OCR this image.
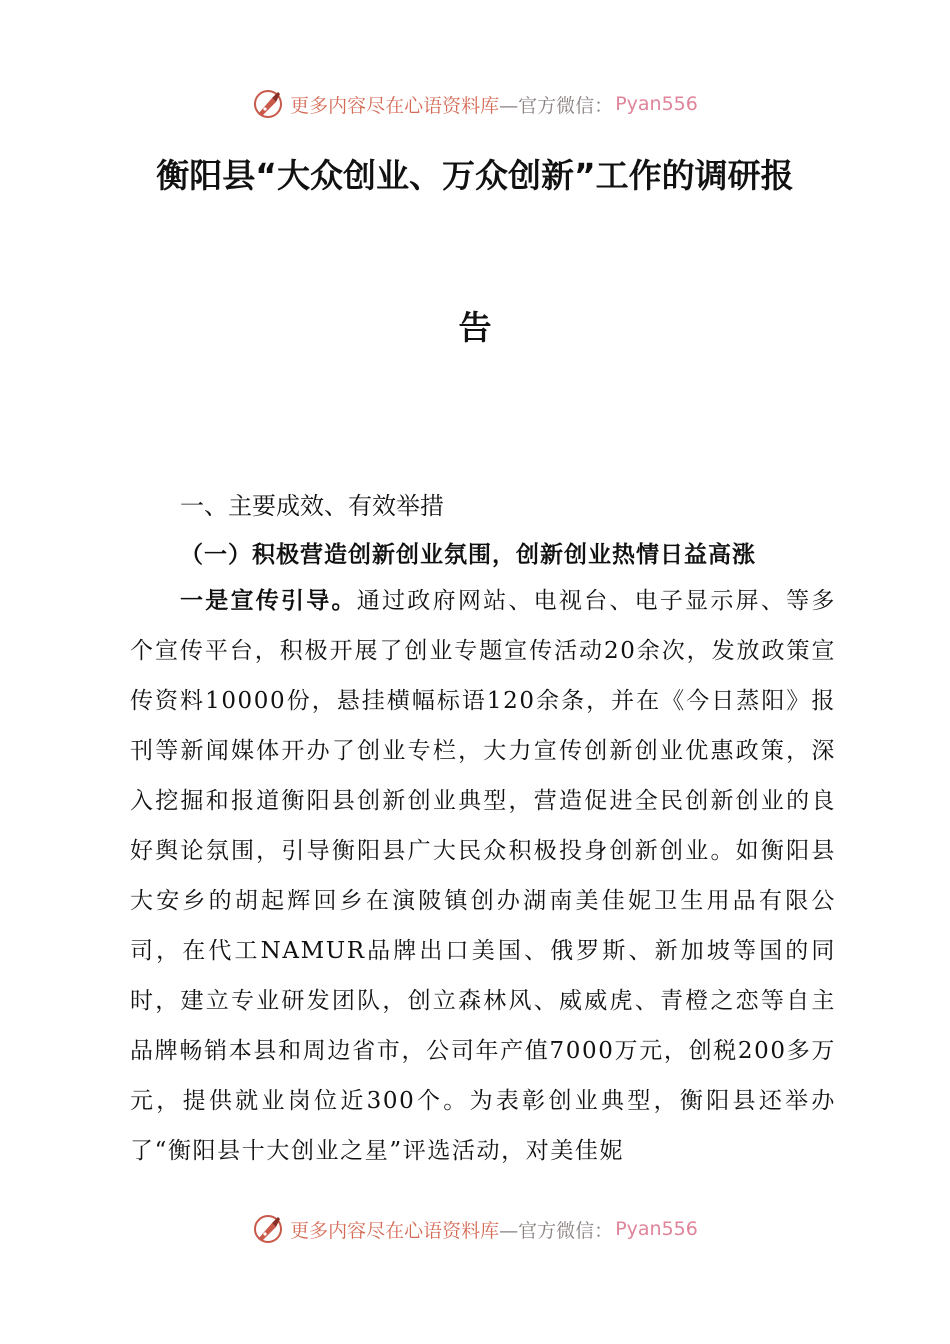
更多内容尽在心语资料库 —官方微信： Pyan556
衡阳县“大众创业、万众创新”工作的调研报
告
一、主要成效、有效举措
（一）积极营造创新创业氛围，创新创业热情日益高涨

一是宣传引导。通过政府网站、电视台、电子显示屏、等多个宣传平台，积极开展了创业专题宣传活动20余次，发放政策宣传资料10000份，悬挂横幅标语120余条，并在《今日蒸阳》报刊等新闻媒体开办了创业专栏，大力宣传创新创业优惠政策，深入挖掘和报道衡阳县创新创业典型，营造促进全民创新创业的良好舆论氛围，引导衡阳县广大民众积极投身创新创业。如衡阳县大安乡的胡起辉回乡在演陂镇创办湖南美佳妮卫生用品有限公司，在代工NAMUR品牌出口美国、俄罗斯、新加坡等国的同时，建立专业研发团队，创立森林风、威威虎、青橙之恋等自主品牌畅销本县和周边省市，公司年产值7000万元，创税200多万元，提供就业岗位近300个。为表彰创业典型，衡阳县还举办了“衡阳县十大创业之星”评选活动，对美佳妮

更多内容尽在心语资料库 —官方微信： Pyan556
